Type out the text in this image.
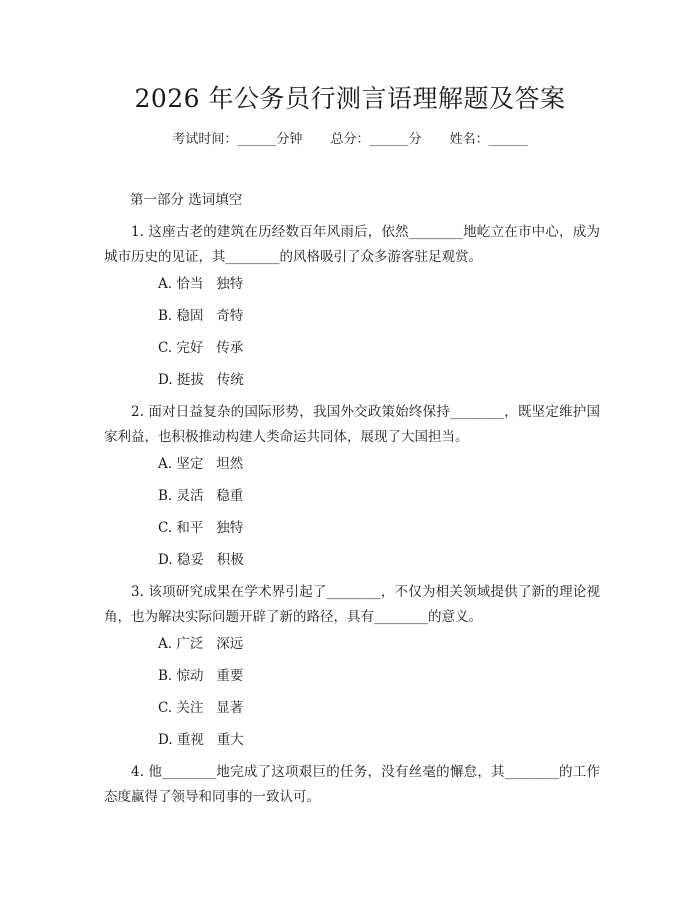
2026 年公务员行测言语理解题及答案
考试时间：______分钟 总分：______分 姓名：______
第一部分 选词填空
1. 这座古老的建筑在历经数百年风雨后，依然________地屹立在市中心，成为城市历史的见证，其________的风格吸引了众多游客驻足观赏。
A. 恰当   独特
B. 稳固   奇特
C. 完好   传承
D. 挺拔   传统
2. 面对日益复杂的国际形势，我国外交政策始终保持________，既坚定维护国家利益，也积极推动构建人类命运共同体，展现了大国担当。
A. 坚定   坦然
B. 灵活   稳重
C. 和平   独特
D. 稳妥   积极
3. 该项研究成果在学术界引起了________，不仅为相关领域提供了新的理论视角，也为解决实际问题开辟了新的路径，具有________的意义。
A. 广泛   深远
B. 惊动   重要
C. 关注   显著
D. 重视   重大
4. 他________地完成了这项艰巨的任务，没有丝毫的懈怠，其________的工作态度赢得了领导和同事的一致认可。
